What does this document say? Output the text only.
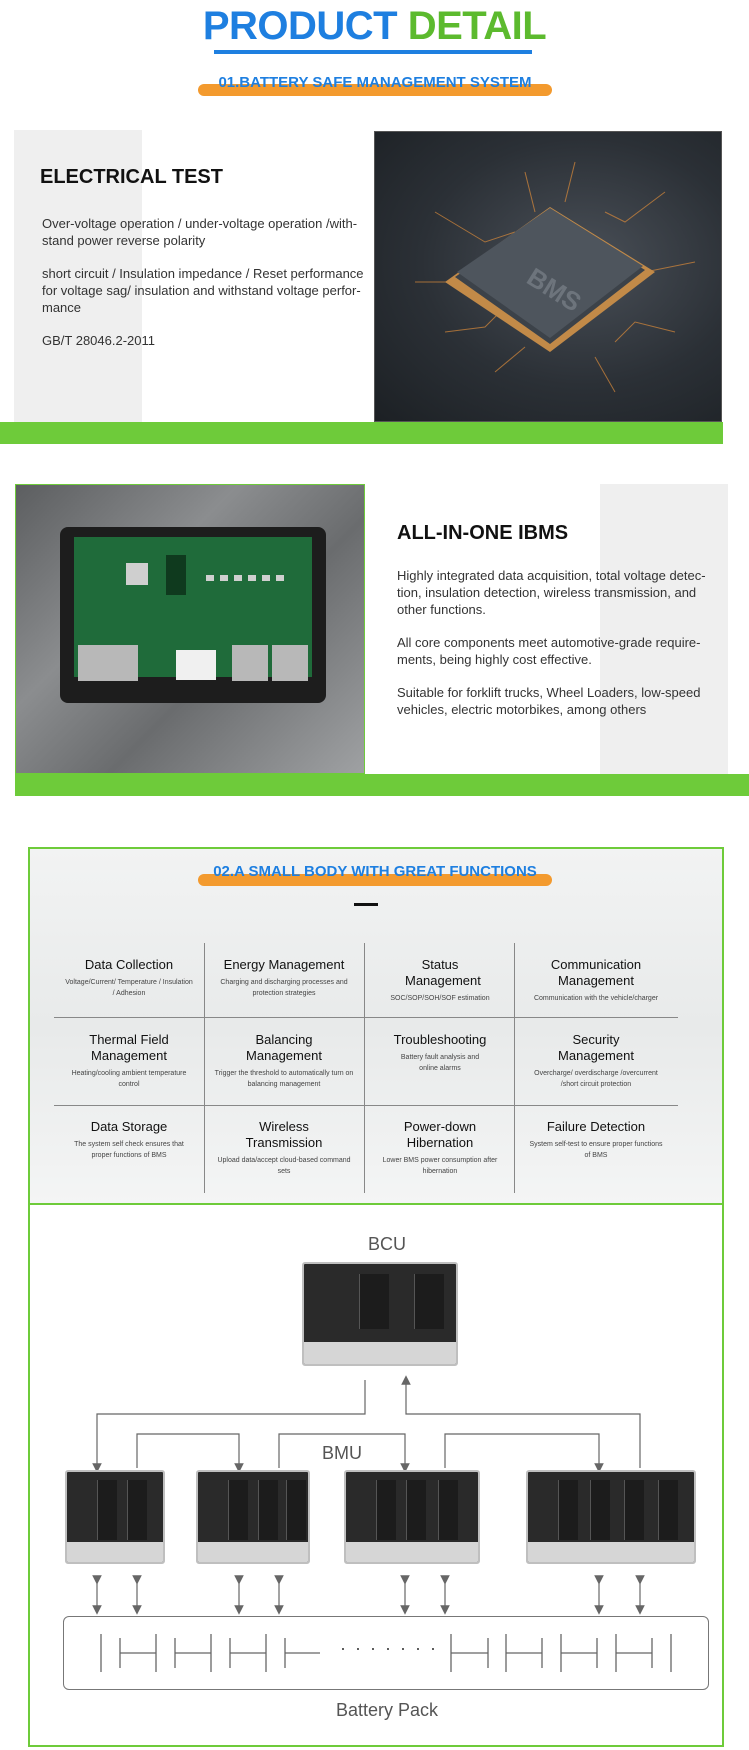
PRODUCT DETAIL
01.BATTERY SAFE MANAGEMENT SYSTEM
ELECTRICAL TEST

Over-voltage operation / under-voltage operation /with-stand power reverse polarity

short circuit / Insulation impedance / Reset performance for voltage sag/ insulation and withstand voltage perfor-mance

GB/T 28046.2-2011

BMS
ALL-IN-ONE IBMS

Highly integrated data acquisition, total voltage detec-tion, insulation detection, wireless transmission, and other functions.

All core components meet automotive-grade require-ments, being highly cost effective.

Suitable for forklift trucks, Wheel Loaders, low-speed vehicles, electric motorbikes, among others

02.A SMALL BODY WITH GREAT FUNCTIONS
Data Collection
Voltage/Current/ Temperature / Insulation / Adhesion
Energy Management
Charging and discharging processes and protection strategies
Status Management
SOC/SOP/SOH/SOF estimation
Communication Management
Communication with the vehicle/charger
Thermal Field Management
Heating/cooling ambient temperature control
Balancing Management
Trigger the threshold to automatically turn on balancing management
Troubleshooting
Battery fault analysis and online alarms
Security Management
Overcharge/ overdischarge /overcurrent /short circuit protection
Data Storage
The system self check ensures that proper functions of BMS
Wireless Transmission
Upload data/accept cloud-based command sets
Power-down Hibernation
Lower BMS power consumption after hibernation
Failure Detection
System self-test to ensure proper functions of BMS
BCU
BMU
· · · · · · ·
Battery Pack
